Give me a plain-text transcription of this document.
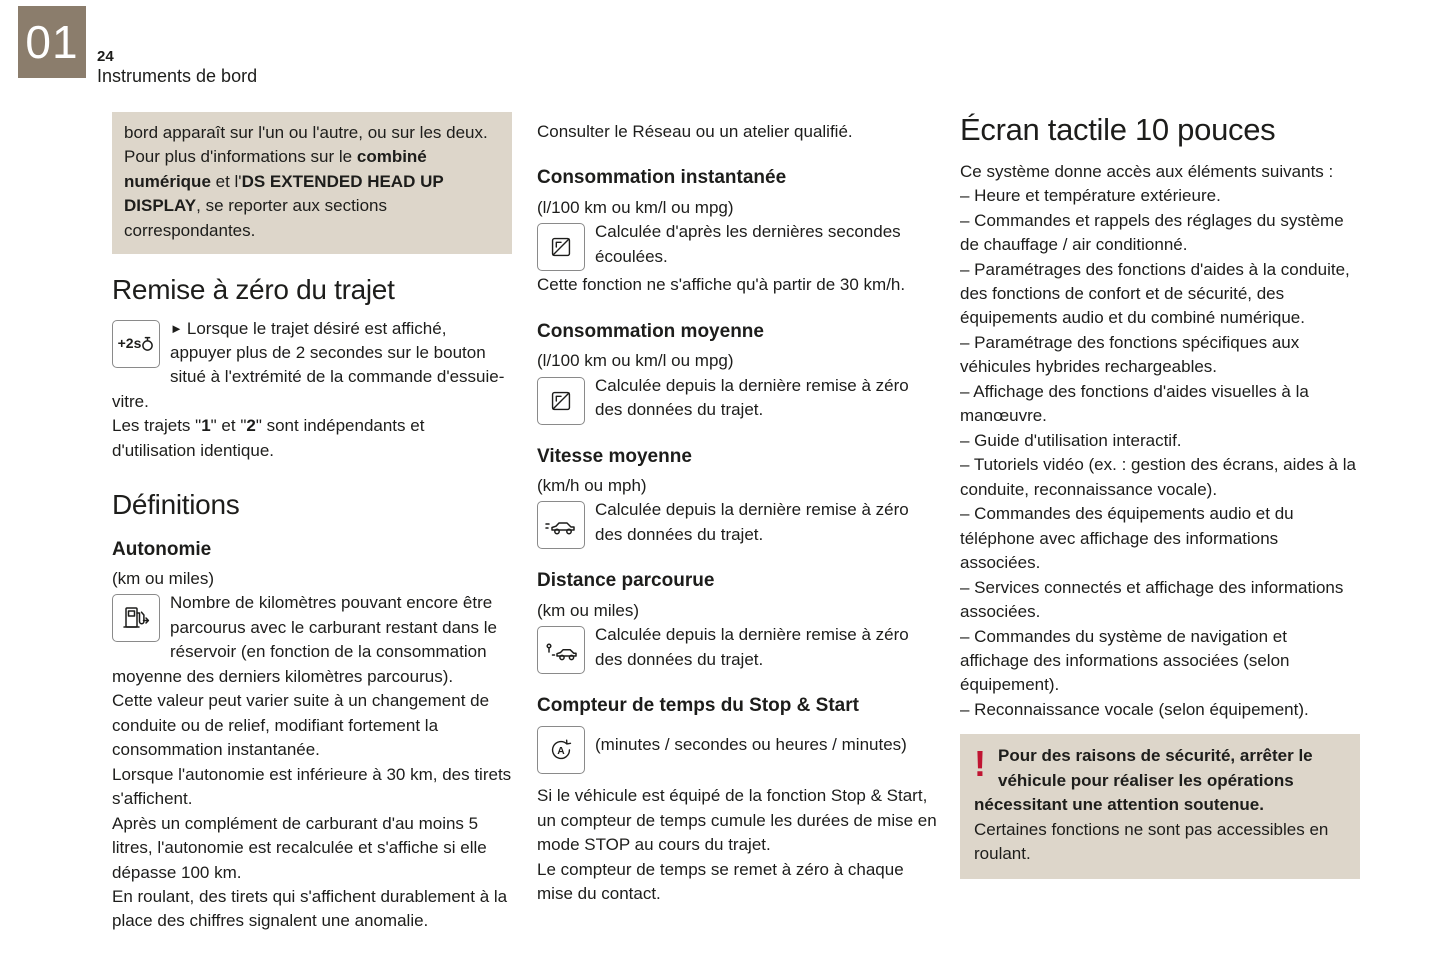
01	24
Instruments de bord

bord apparaît sur l'un ou l'autre, ou sur les deux.

Pour plus d'informations sur le combiné numérique et l'DS EXTENDED HEAD UP DISPLAY, se reporter aux sections correspondantes.

Remise à zéro du trajet
+2s

► Lorsque le trajet désiré est affiché, appuyer plus de 2 secondes sur le bouton situé à l'extrémité de la commande d'essuie-vitre.

Les trajets "1" et "2" sont indépendants et d'utilisation identique.

Définitions
Autonomie

(km ou miles)

Nombre de kilomètres pouvant encore être parcourus avec le carburant restant dans le réservoir (en fonction de la consommation moyenne des derniers kilomètres parcourus).

Cette valeur peut varier suite à un changement de conduite ou de relief, modifiant fortement la consommation instantanée.

Lorsque l'autonomie est inférieure à 30 km, des tirets s'affichent.

Après un complément de carburant d'au moins 5 litres, l'autonomie est recalculée et s'affiche si elle dépasse 100 km.

En roulant, des tirets qui s'affichent durablement à la place des chiffres signalent une anomalie.

Consulter le Réseau ou un atelier qualifié.

Consommation instantanée

(l/100 km ou km/l ou mpg)

Calculée d'après les dernières secondes écoulées.

Cette fonction ne s'affiche qu'à partir de 30 km/h.

Consommation moyenne

(l/100 km ou km/l ou mpg)

Calculée depuis la dernière remise à zéro des données du trajet.

Vitesse moyenne

(km/h ou mph)

Calculée depuis la dernière remise à zéro des données du trajet.

Distance parcourue

(km ou miles)

Calculée depuis la dernière remise à zéro des données du trajet.

Compteur de temps du Stop & Start
A	(minutes / secondes ou heures / minutes)

Si le véhicule est équipé de la fonction Stop & Start, un compteur de temps cumule les durées de mise en mode STOP au cours du trajet.

Le compteur de temps se remet à zéro à chaque mise du contact.

Écran tactile 10 pouces

Ce système donne accès aux éléments suivants :

– Heure et température extérieure.

– Commandes et rappels des réglages du système de chauffage / air conditionné.

– Paramétrages des fonctions d'aides à la conduite, des fonctions de confort et de sécurité, des équipements audio et du combiné numérique.

– Paramétrage des fonctions spécifiques aux véhicules hybrides rechargeables.

– Affichage des fonctions d'aides visuelles à la manœuvre.

– Guide d'utilisation interactif.

– Tutoriels vidéo (ex. : gestion des écrans, aides à la conduite, reconnaissance vocale).

– Commandes des équipements audio et du téléphone avec affichage des informations associées.

– Services connectés et affichage des informations associées.

– Commandes du système de navigation et affichage des informations associées (selon équipement).

– Reconnaissance vocale (selon équipement).

! Pour des raisons de sécurité, arrêter le véhicule pour réaliser les opérations nécessitant une attention soutenue.

Certaines fonctions ne sont pas accessibles en roulant.
